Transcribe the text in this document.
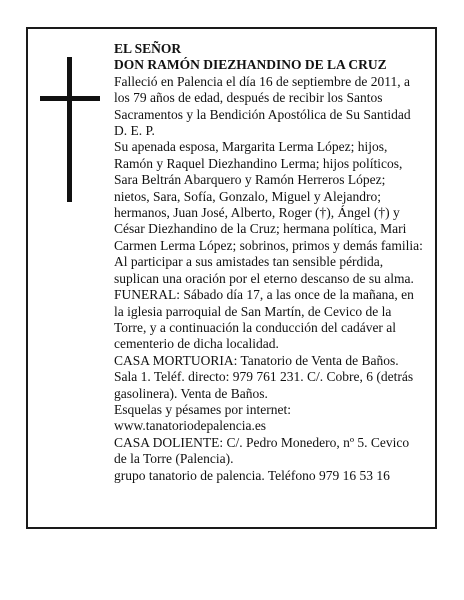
EL SEÑOR

DON RAMÓN DIEZHANDINO DE LA CRUZ

Falleció en Palencia el día 16 de septiembre de 2011, a los 79 años de edad, después de recibir los Santos Sacramentos y la Bendición Apostólica de Su Santidad D. E. P.

Su apenada esposa, Margarita Lerma López; hijos, Ramón y Raquel Diezhandino Lerma; hijos políticos, Sara Beltrán Abarquero y Ramón Herreros López; nietos, Sara, Sofía, Gonzalo, Miguel y Alejandro; hermanos, Juan José, Alberto, Roger (†), Ángel (†) y César Diezhandino de la Cruz; hermana política, Mari Carmen Lerma López; sobrinos, primos y demás familia:

Al participar a sus amistades tan sensible pérdida, suplican una oración por el eterno descanso de su alma.

FUNERAL: Sábado día 17, a las once de la mañana, en la iglesia parroquial de San Martín, de Cevico de la Torre, y a continuación la conducción del cadáver al cementerio de dicha localidad.

CASA MORTUORIA: Tanatorio de Venta de Baños. Sala 1. Teléf. directo: 979 761 231. C/. Cobre, 6 (detrás gasolinera). Venta de Baños.

Esquelas y pésames por internet: www.tanatoriodepalencia.es

CASA DOLIENTE: C/. Pedro Monedero, nº 5. Cevico de la Torre (Palencia).

grupo tanatorio de palencia. Teléfono 979 16 53 16
